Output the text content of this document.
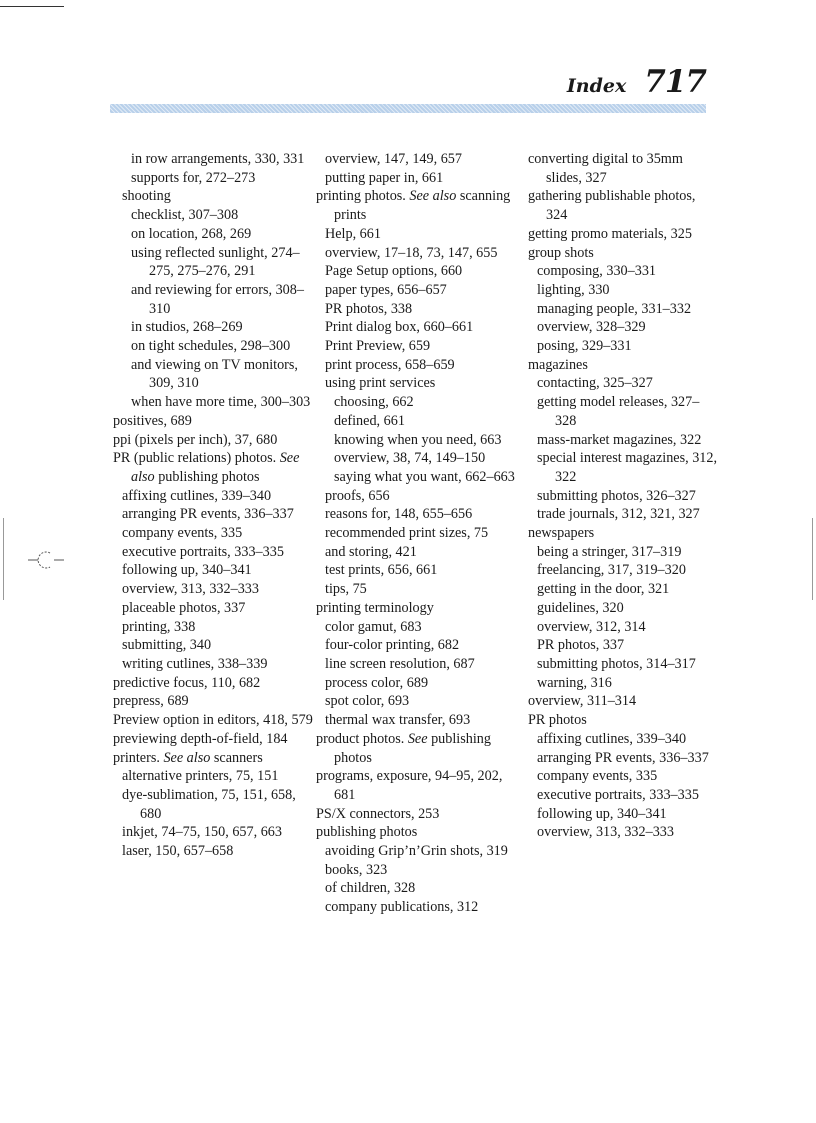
Index 717
in row arrangements, 330, 331
supports for, 272–273
shooting
checklist, 307–308
on location, 268, 269
using reflected sunlight, 274–275, 275–276, 291
and reviewing for errors, 308–310
in studios, 268–269
on tight schedules, 298–300
and viewing on TV monitors, 309, 310
when have more time, 300–303
positives, 689
ppi (pixels per inch), 37, 680
PR (public relations) photos. See also publishing photos
affixing cutlines, 339–340
arranging PR events, 336–337
company events, 335
executive portraits, 333–335
following up, 340–341
overview, 313, 332–333
placeable photos, 337
printing, 338
submitting, 340
writing cutlines, 338–339
predictive focus, 110, 682
prepress, 689
Preview option in editors, 418, 579
previewing depth-of-field, 184
printers. See also scanners
alternative printers, 75, 151
dye-sublimation, 75, 151, 658, 680
inkjet, 74–75, 150, 657, 663
laser, 150, 657–658
overview, 147, 149, 657
putting paper in, 661
printing photos. See also scanning prints
Help, 661
overview, 17–18, 73, 147, 655
Page Setup options, 660
paper types, 656–657
PR photos, 338
Print dialog box, 660–661
Print Preview, 659
print process, 658–659
using print services
choosing, 662
defined, 661
knowing when you need, 663
overview, 38, 74, 149–150
saying what you want, 662–663
proofs, 656
reasons for, 148, 655–656
recommended print sizes, 75
and storing, 421
test prints, 656, 661
tips, 75
printing terminology
color gamut, 683
four-color printing, 682
line screen resolution, 687
process color, 689
spot color, 693
thermal wax transfer, 693
product photos. See publishing photos
programs, exposure, 94–95, 202, 681
PS/X connectors, 253
publishing photos
avoiding Grip’n’Grin shots, 319
books, 323
of children, 328
company publications, 312
converting digital to 35mm slides, 327
gathering publishable photos, 324
getting promo materials, 325
group shots
composing, 330–331
lighting, 330
managing people, 331–332
overview, 328–329
posing, 329–331
magazines
contacting, 325–327
getting model releases, 327–328
mass-market magazines, 322
special interest magazines, 312, 322
submitting photos, 326–327
trade journals, 312, 321, 327
newspapers
being a stringer, 317–319
freelancing, 317, 319–320
getting in the door, 321
guidelines, 320
overview, 312, 314
PR photos, 337
submitting photos, 314–317
warning, 316
overview, 311–314
PR photos
affixing cutlines, 339–340
arranging PR events, 336–337
company events, 335
executive portraits, 333–335
following up, 340–341
overview, 313, 332–333
